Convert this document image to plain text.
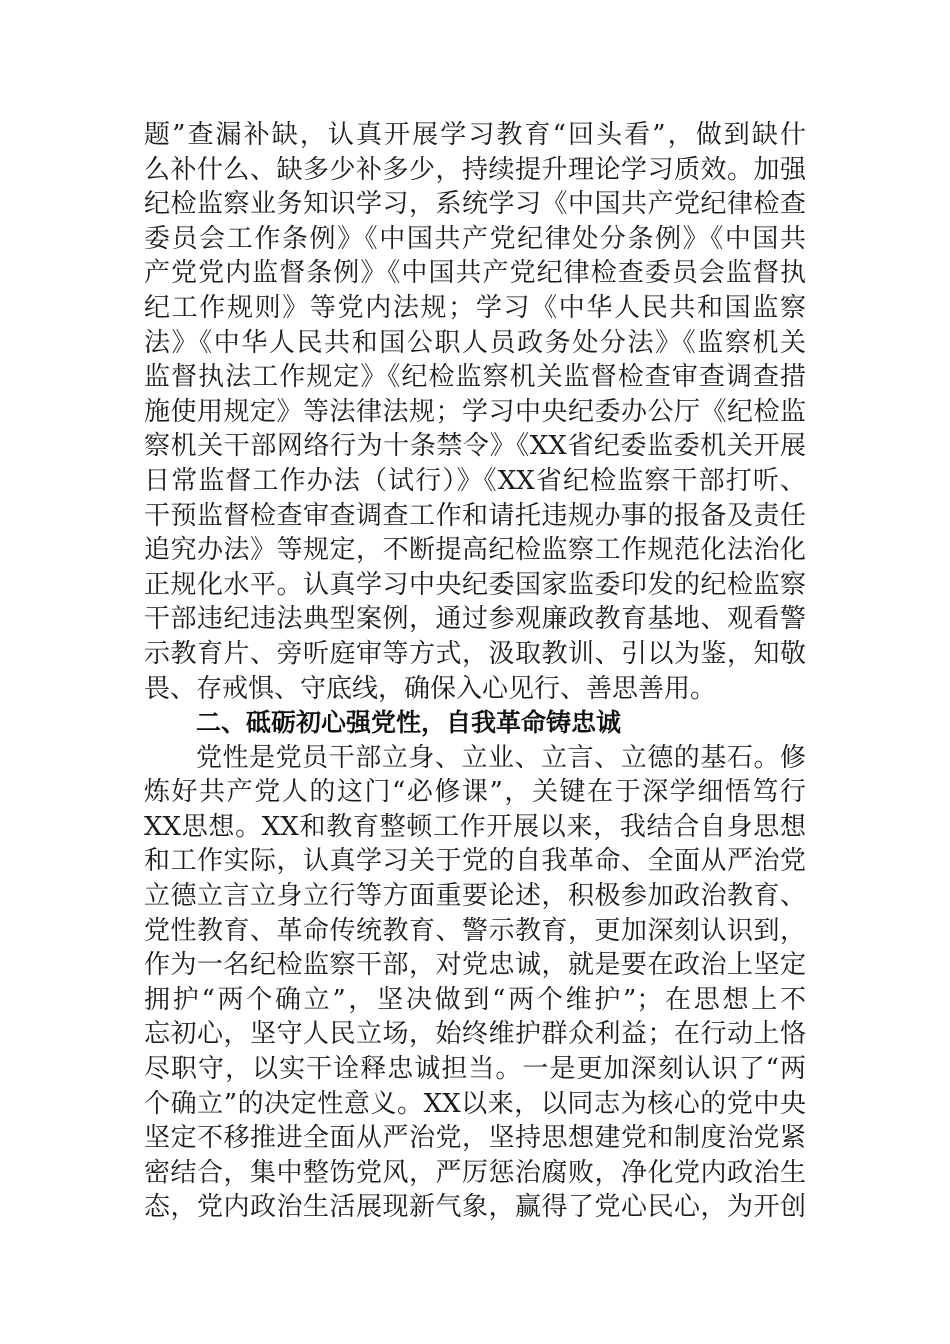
题”查漏补缺，认真开展学习教育“回头看”，做到缺什
么补什么、缺多少补多少，持续提升理论学习质效。加强
纪检监察业务知识学习，系统学习《中国共产党纪律检查
委员会工作条例》《中国共产党纪律处分条例》《中国共
产党党内监督条例》《中国共产党纪律检查委员会监督执
纪工作规则》等党内法规；学习《中华人民共和国监察
法》《中华人民共和国公职人员政务处分法》《监察机关
监督执法工作规定》《纪检监察机关监督检查审查调查措
施使用规定》等法律法规；学习中央纪委办公厅《纪检监
察机关干部网络行为十条禁令》《XX省纪委监委机关开展
日常监督工作办法（试行）》《XX省纪检监察干部打听、
干预监督检查审查调查工作和请托违规办事的报备及责任
追究办法》等规定，不断提高纪检监察工作规范化法治化
正规化水平。认真学习中央纪委国家监委印发的纪检监察
干部违纪违法典型案例，通过参观廉政教育基地、观看警
示教育片、旁听庭审等方式，汲取教训、引以为鉴，知敬
畏、存戒惧、守底线，确保入心见行、善思善用。
二、砥砺初心强党性，自我革命铸忠诚
党性是党员干部立身、立业、立言、立德的基石。修
炼好共产党人的这门“必修课”，关键在于深学细悟笃行
XX思想。XX和教育整顿工作开展以来，我结合自身思想
和工作实际，认真学习关于党的自我革命、全面从严治党
立德立言立身立行等方面重要论述，积极参加政治教育、
党性教育、革命传统教育、警示教育，更加深刻认识到，
作为一名纪检监察干部，对党忠诚，就是要在政治上坚定
拥护“两个确立”，坚决做到“两个维护”；在思想上不
忘初心，坚守人民立场，始终维护群众利益；在行动上恪
尽职守，以实干诠释忠诚担当。一是更加深刻认识了“两
个确立”的决定性意义。XX以来，以同志为核心的党中央
坚定不移推进全面从严治党，坚持思想建党和制度治党紧
密结合，集中整饬党风，严厉惩治腐败，净化党内政治生
态，党内政治生活展现新气象，赢得了党心民心，为开创
